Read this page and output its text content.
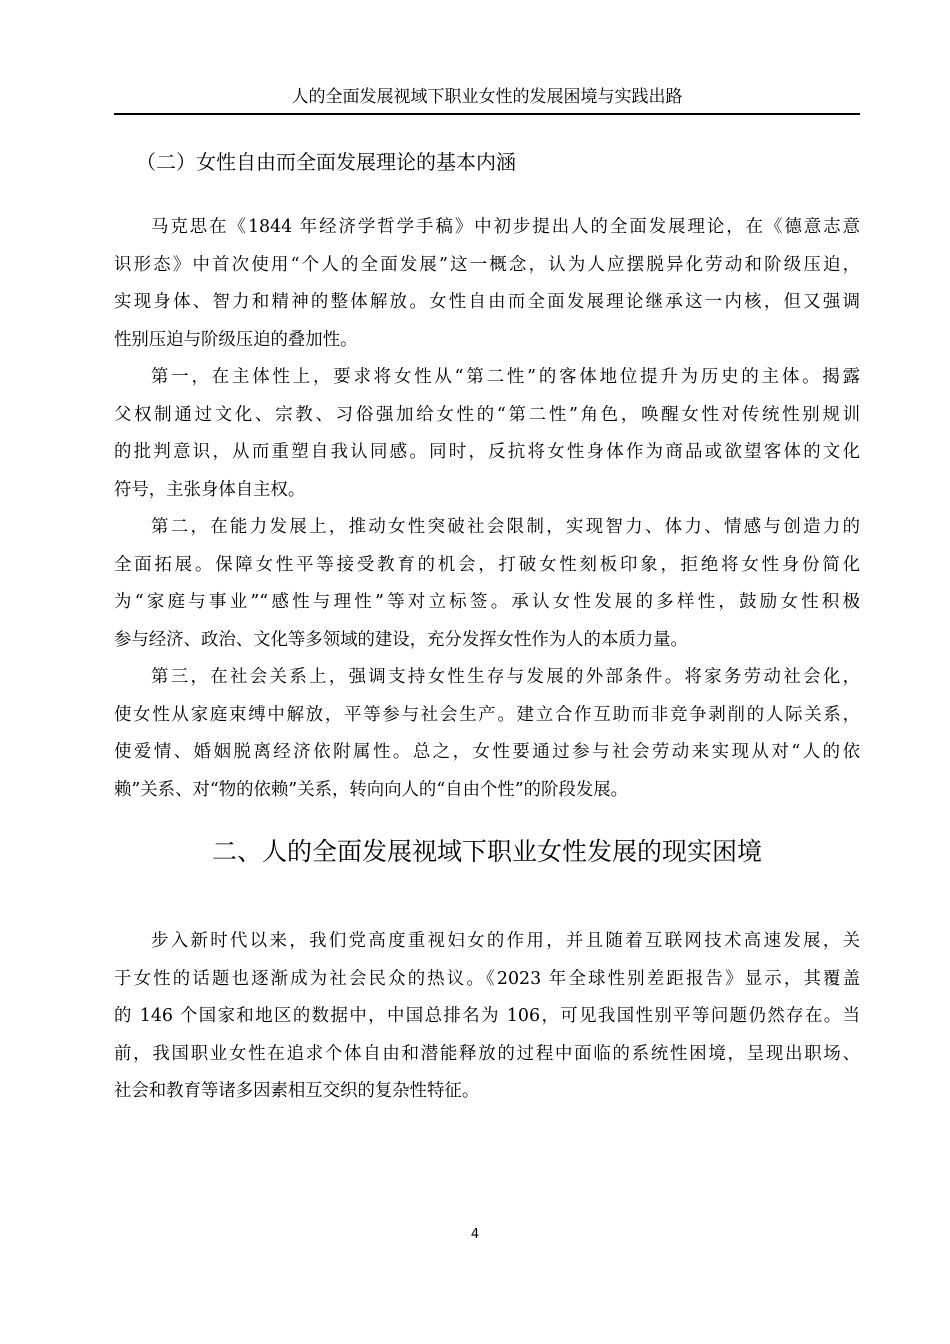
人的全面发展视域下职业女性的发展困境与实践出路
（二）女性自由而全面发展理论的基本内涵
马克思在《1844 年经济学哲学手稿》中初步提出人的全面发展理论，在《德意志意
识形态》中首次使用“个人的全面发展”这一概念，认为人应摆脱异化劳动和阶级压迫，
实现身体、智力和精神的整体解放。女性自由而全面发展理论继承这一内核，但又强调
性别压迫与阶级压迫的叠加性。
第一，在主体性上，要求将女性从“第二性”的客体地位提升为历史的主体。揭露
父权制通过文化、宗教、习俗强加给女性的“第二性”角色，唤醒女性对传统性别规训
的批判意识，从而重塑自我认同感。同时，反抗将女性身体作为商品或欲望客体的文化
符号，主张身体自主权。
第二，在能力发展上，推动女性突破社会限制，实现智力、体力、情感与创造力的
全面拓展。保障女性平等接受教育的机会，打破女性刻板印象，拒绝将女性身份简化
为“家庭与事业”“感性与理性”等对立标签。承认女性发展的多样性，鼓励女性积极
参与经济、政治、文化等多领域的建设，充分发挥女性作为人的本质力量。
第三，在社会关系上，强调支持女性生存与发展的外部条件。将家务劳动社会化，
使女性从家庭束缚中解放，平等参与社会生产。建立合作互助而非竞争剥削的人际关系，
使爱情、婚姻脱离经济依附属性。总之，女性要通过参与社会劳动来实现从对“人的依
赖”关系、对“物的依赖”关系，转向向人的“自由个性”的阶段发展。
二、人的全面发展视域下职业女性发展的现实困境
步入新时代以来，我们党高度重视妇女的作用，并且随着互联网技术高速发展，关
于女性的话题也逐渐成为社会民众的热议。《2023 年全球性别差距报告》显示，其覆盖
的 146 个国家和地区的数据中，中国总排名为 106，可见我国性别平等问题仍然存在。当
前，我国职业女性在追求个体自由和潜能释放的过程中面临的系统性困境，呈现出职场、
社会和教育等诸多因素相互交织的复杂性特征。
4
